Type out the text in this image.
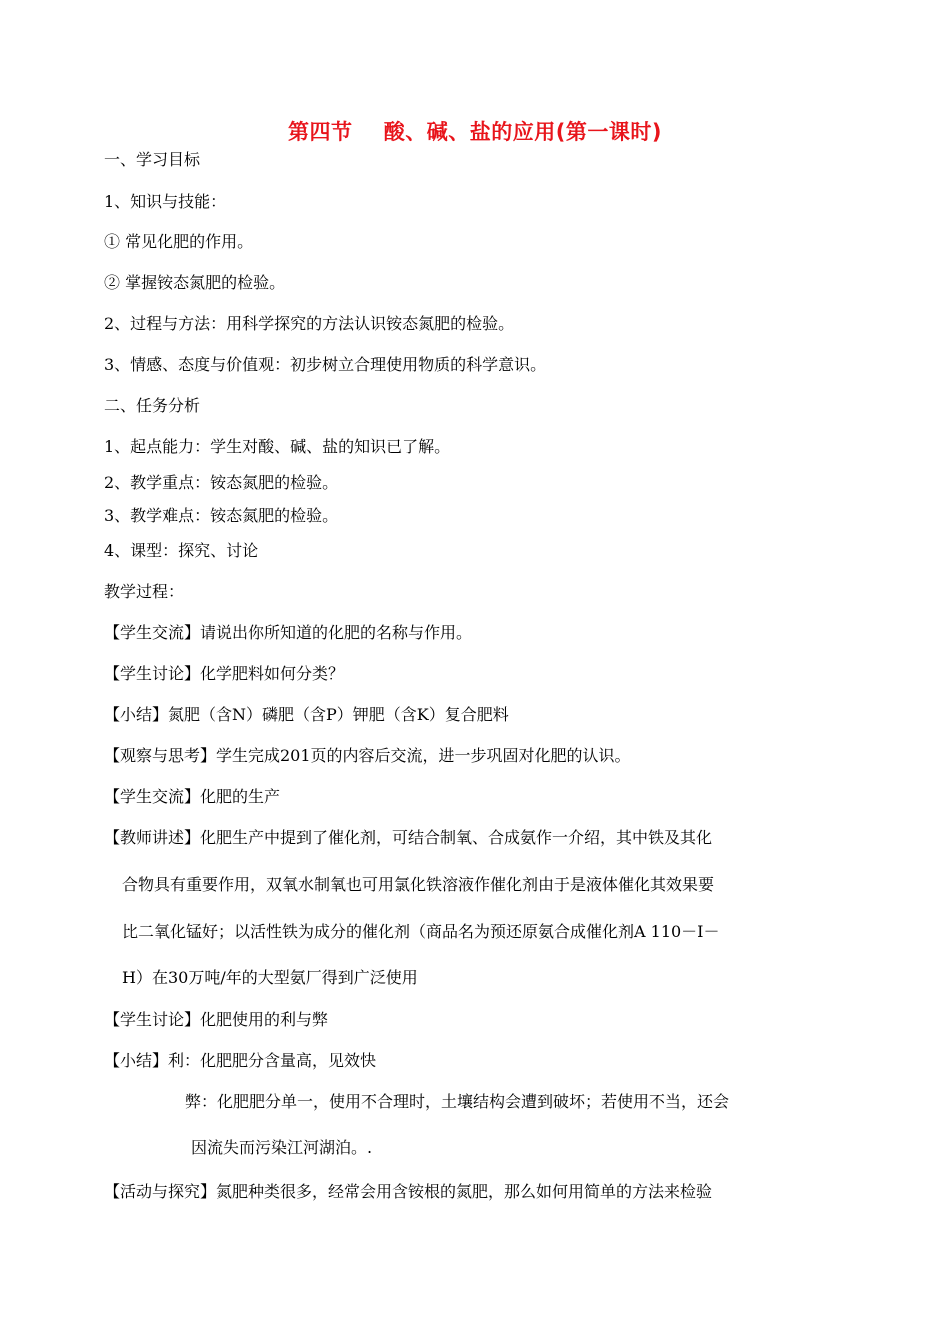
第四节    酸、碱、盐的应用(第一课时)
一、学习目标
1、知识与技能：
① 常见化肥的作用。
② 掌握铵态氮肥的检验。
2、过程与方法：用科学探究的方法认识铵态氮肥的检验。
3、情感、态度与价值观：初步树立合理使用物质的科学意识。
二、任务分析
1、起点能力：学生对酸、碱、盐的知识已了解。
2、教学重点：铵态氮肥的检验。
3、教学难点：铵态氮肥的检验。
4、课型：探究、讨论
教学过程：
【学生交流】请说出你所知道的化肥的名称与作用。
【学生讨论】化学肥料如何分类？
【小结】氮肥（含N）磷肥（含P）钾肥（含K）复合肥料
【观察与思考】学生完成201页的内容后交流，进一步巩固对化肥的认识。
【学生交流】化肥的生产
【教师讲述】化肥生产中提到了催化剂，可结合制氧、合成氨作一介绍，其中铁及其化
合物具有重要作用，双氧水制氧也可用氯化铁溶液作催化剂由于是液体催化其效果要
比二氧化锰好；以活性铁为成分的催化剂（商品名为预还原氨合成催化剂A 110－Ⅰ－
H）在30万吨/年的大型氨厂得到广泛使用
【学生讨论】化肥使用的利与弊
【小结】利：化肥肥分含量高，见效快
弊：化肥肥分单一，使用不合理时，土壤结构会遭到破坏；若使用不当，还会
因流失而污染江河湖泊。.
【活动与探究】氮肥种类很多，经常会用含铵根的氮肥，那么如何用简单的方法来检验
